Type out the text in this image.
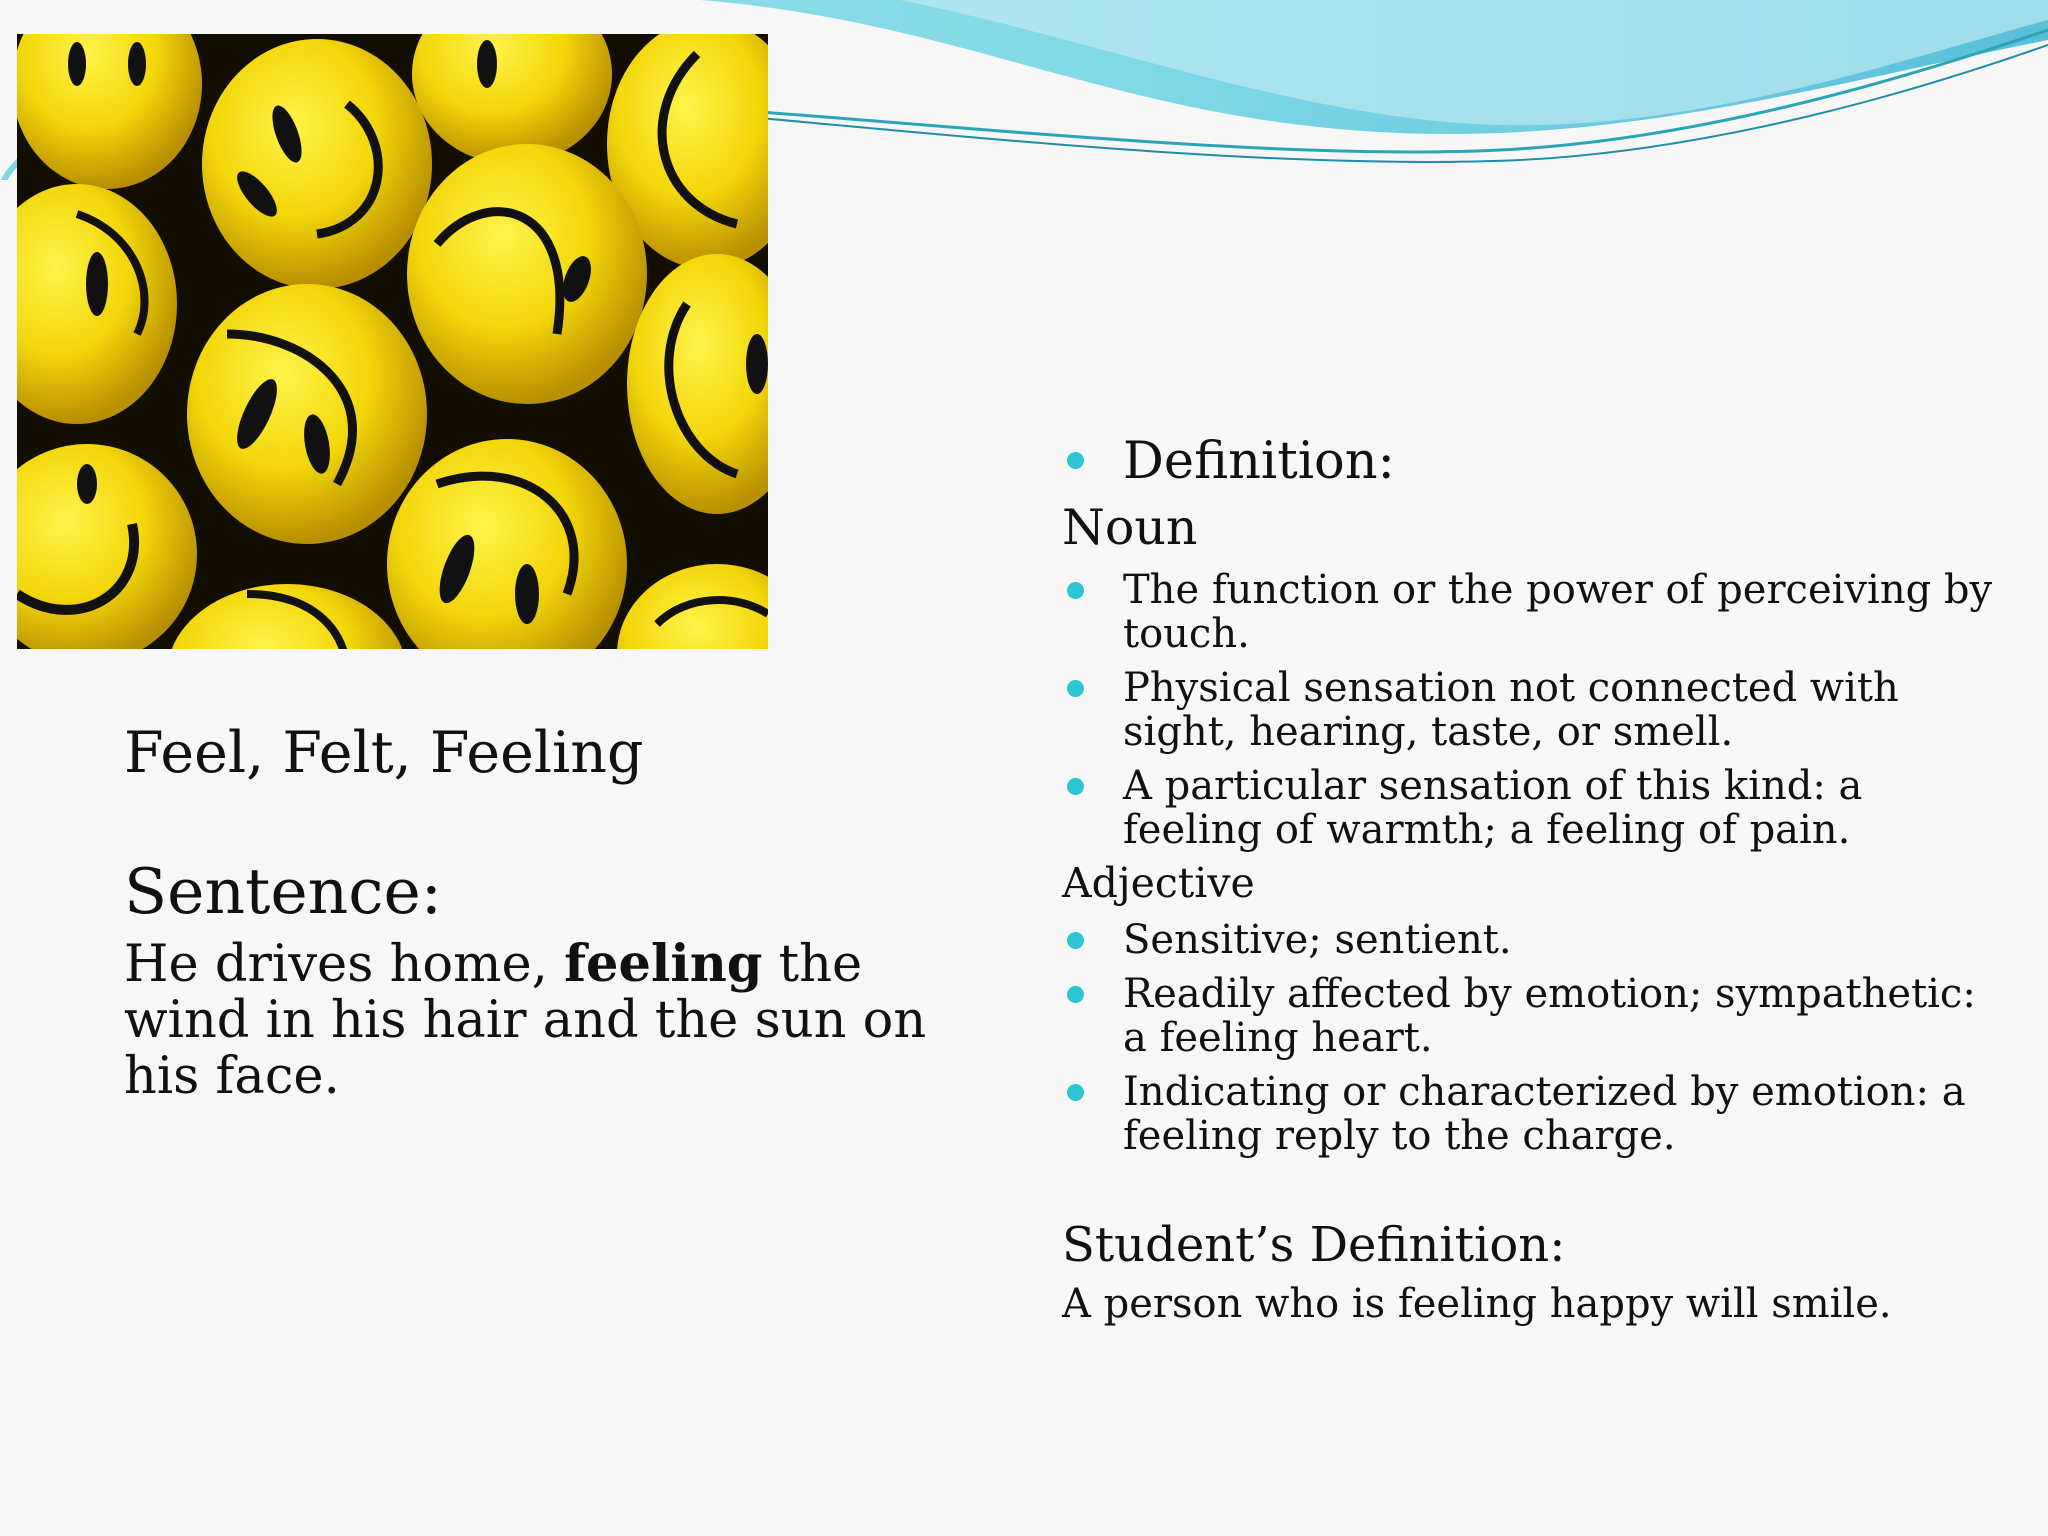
Feel, Felt, Feeling

Sentence:

He drives home, feeling the wind in his hair and the sun on his face.

Definition:
Noun
The function or the power of perceiving by touch.
Physical sensation not connected with sight, hearing, taste, or smell.
A particular sensation of this kind: a feeling of warmth; a feeling of pain.
Adjective
Sensitive; sentient.
Readily affected by emotion; sympathetic: a feeling heart.
Indicating or characterized by emotion: a feeling reply to the charge.
Student’s Definition:
A person who is feeling happy will smile.
